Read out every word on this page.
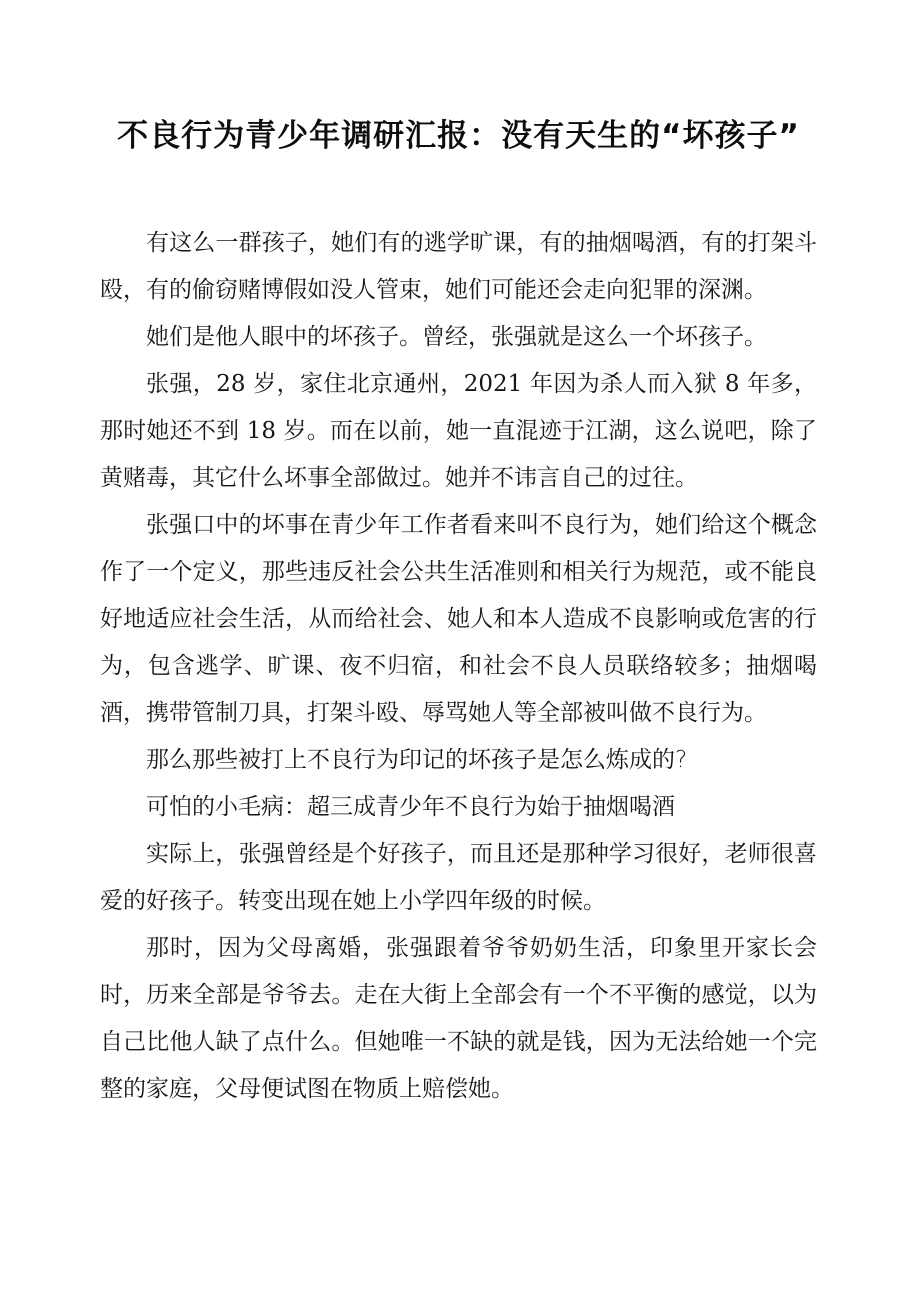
不良行为青少年调研汇报：没有天生的“坏孩子”

有这么一群孩子，她们有的逃学旷课，有的抽烟喝酒，有的打架斗殴，有的偷窃赌博假如没人管束，她们可能还会走向犯罪的深渊。

她们是他人眼中的坏孩子。曾经，张强就是这么一个坏孩子。

张强，28 岁，家住北京通州，2021 年因为杀人而入狱 8 年多，那时她还不到 18 岁。而在以前，她一直混迹于江湖，这么说吧，除了黄赌毒，其它什么坏事全部做过。她并不讳言自己的过往。

张强口中的坏事在青少年工作者看来叫不良行为，她们给这个概念作了一个定义，那些违反社会公共生活准则和相关行为规范，或不能良好地适应社会生活，从而给社会、她人和本人造成不良影响或危害的行为，包含逃学、旷课、夜不归宿，和社会不良人员联络较多；抽烟喝酒，携带管制刀具，打架斗殴、辱骂她人等全部被叫做不良行为。

那么那些被打上不良行为印记的坏孩子是怎么炼成的?

可怕的小毛病：超三成青少年不良行为始于抽烟喝酒

实际上，张强曾经是个好孩子，而且还是那种学习很好，老师很喜爱的好孩子。转变出现在她上小学四年级的时候。

那时，因为父母离婚，张强跟着爷爷奶奶生活，印象里开家长会时，历来全部是爷爷去。走在大街上全部会有一个不平衡的感觉，以为自己比他人缺了点什么。但她唯一不缺的就是钱，因为无法给她一个完整的家庭，父母便试图在物质上赔偿她。
